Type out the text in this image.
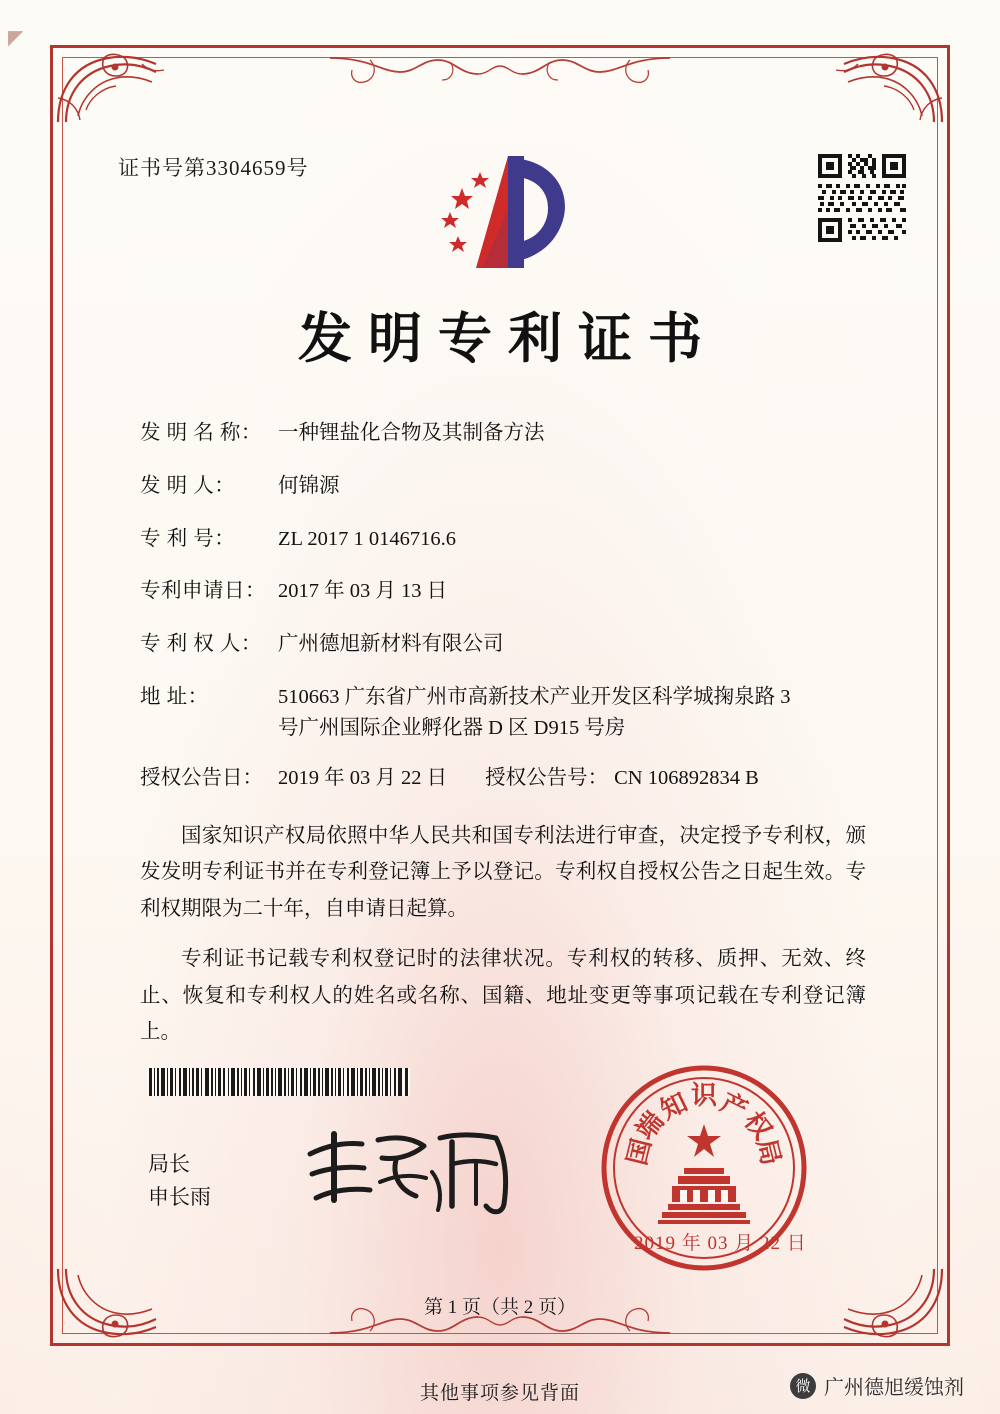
◤
证书号第3304659号
发明专利证书
发 明 名 称： 一种锂盐化合物及其制备方法
发 明 人：	何锦源
专 利 号：	ZL 2017 1 0146716.6
专利申请日： 2017 年 03 月 13 日
专 利 权 人： 广州德旭新材料有限公司
地 址：	510663 广东省广州市高新技术产业开发区科学城掬泉路 3
号广州国际企业孵化器 D 区 D915 号房
授权公告日： 2019 年 03 月 22 日	授权公告号： CN 106892834 B

国家知识产权局依照中华人民共和国专利法进行审查，决定授予专利权，颁发发明专利证书并在专利登记簿上予以登记。专利权自授权公告之日起生效。专利权期限为二十年，自申请日起算。

专利证书记载专利权登记时的法律状况。专利权的转移、质押、无效、终止、恢复和专利权人的姓名或名称、国籍、地址变更等事项记载在专利登记簿上。

局长
申长雨
知
识
产
权
局
端
国
2019 年 03 月 22 日
第 1 页（共 2 页）
其他事项参见背面	微 广州德旭缓蚀剂
